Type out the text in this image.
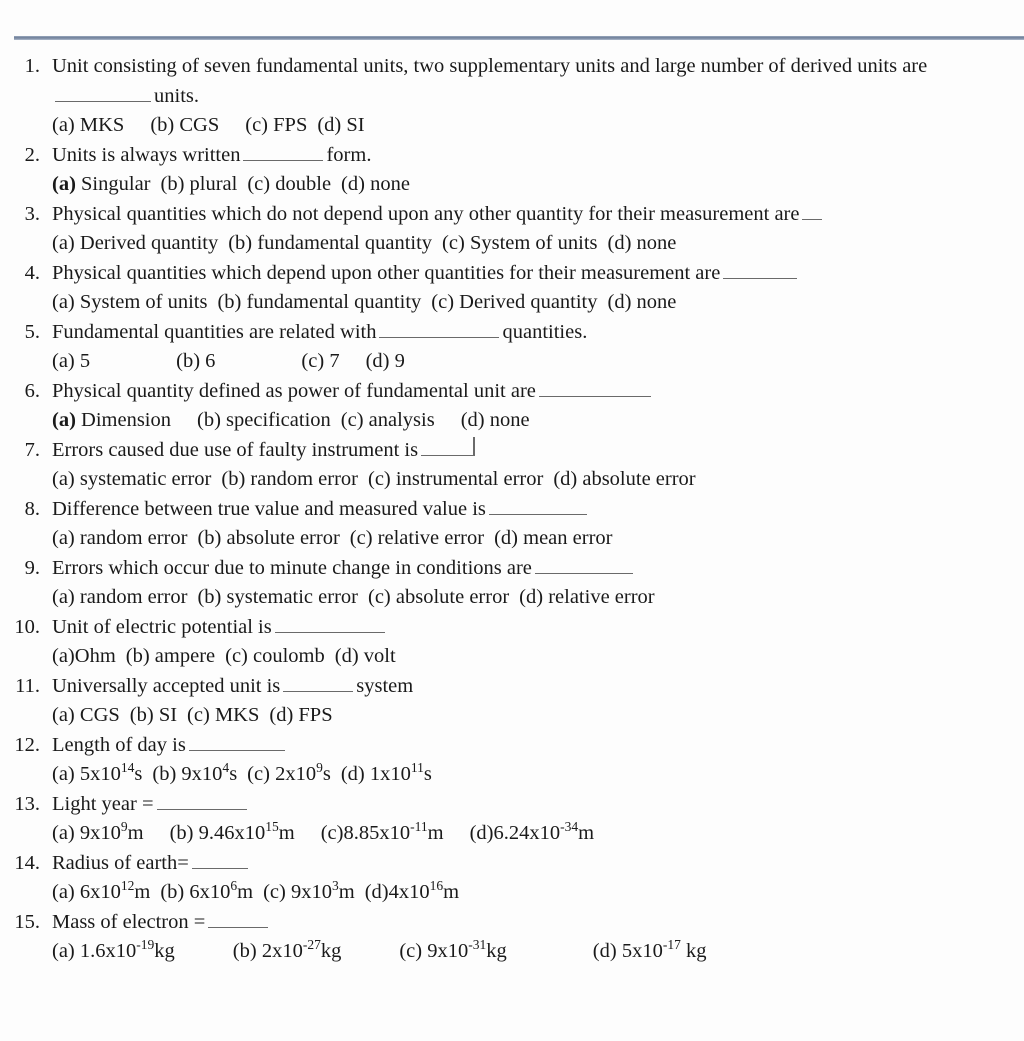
1. Unit consisting of seven fundamental units, two supplementary units and large number of derived units areunits.
(a) MKS (b) CGS (c) FPS (d) SI
2. Units is always written	form.
(a) Singular (b) plural (c) double (d) none
3. Physical quantities which do not depend upon any other quantity for their measurement are
(a) Derived quantity (b) fundamental quantity (c) System of units (d) none
4. Physical quantities which depend upon other quantities for their measurement are
(a) System of units (b) fundamental quantity (c) Derived quantity (d) none
5. Fundamental quantities are related with	quantities.
(a) 5	(b) 6	(c) 7 (d) 9
6. Physical quantity defined as power of fundamental unit are
(a) Dimension (b) specification (c) analysis (d) none
7. Errors caused due use of faulty instrument is
(a) systematic error (b) random error (c) instrumental error (d) absolute error
8. Difference between true value and measured value is
(a) random error (b) absolute error (c) relative error (d) mean error
9. Errors which occur due to minute change in conditions are
(a) random error (b) systematic error (c) absolute error (d) relative error
10. Unit of electric potential is
(a)Ohm (b) ampere (c) coulomb (d) volt
11. Universally accepted unit is	system
(a) CGS (b) SI (c) MKS (d) FPS
12. Length of day is
(a) $5x10^{14}s$ (b) $9x10^4s$ (c) $2x10^9s$ (d) $1x10^{11}s$
13. Light year =
(a) $9x10^9m$ (b) $9.46x10^{15}m$ $(c)8.85x10^{-11}m$ $(d)6.24x10^{-34}m$
14. Radius of earth=
(a) $6x10^{12}m$ (b) $6x10^6m$ (c) $9x10^3m$ $(d)4x10^{16}m$
15. Mass of electron =
(a) $1.6x10^{-19}kg$	(b) $2x10^{-27}kg$	(c) $9x10^{-31}kg$	(d) $5x10^{-17}$ kg
